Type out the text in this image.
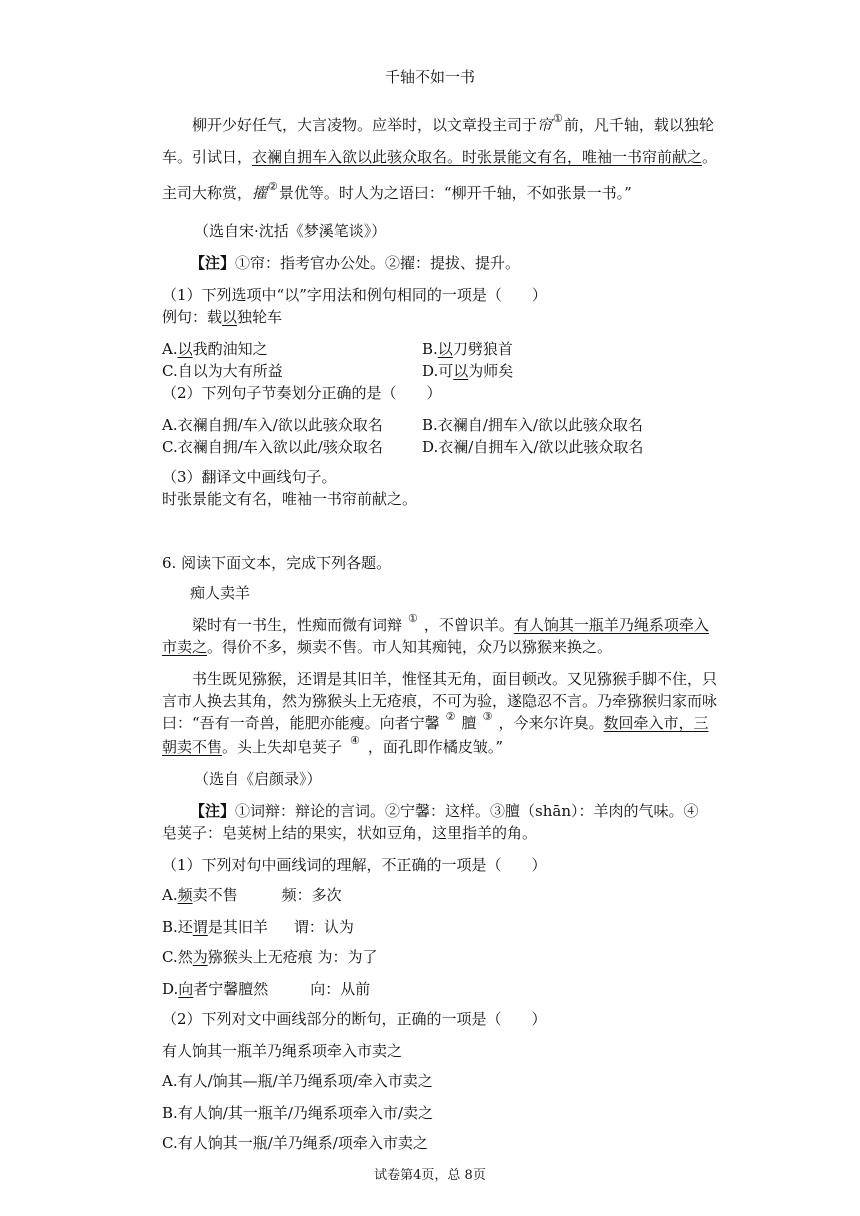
千轴不如一书
柳开少好任气，大言凌物。应举时，以文章投主司于帘①前，凡千轴，载以独轮
车。引试日，衣襕自拥车入欲以此骇众取名。时张景能文有名，唯袖一书帘前献之。
主司大称赏，擢②景优等。时人为之语曰：“柳开千轴，不如张景一书。”
（选自宋·沈括《梦溪笔谈》）
【注】①帘：指考官办公处。②擢：提拔、提升。
（1）下列选项中“以”字用法和例句相同的一项是（　　）
例句：载以独轮车
A.以我酌油知之	B.以刀劈狼首
C.自以为大有所益	D.可以为师矣
（2）下列句子节奏划分正确的是（　　）
A.衣襕自拥/车入/欲以此骇众取名	B.衣襕自/拥车入/欲以此骇众取名
C.衣襕自拥/车入欲以此/骇众取名	D.衣襕/自拥车入/欲以此骇众取名
（3）翻译文中画线句子。
时张景能文有名，唯袖一书帘前献之。
6. 阅读下面文本，完成下列各题。
痴人卖羊
梁时有一书生，性痴而微有词辩 ① ，不曾识羊。有人饷其一瓶羊乃绳系项牵入
市卖之。得价不多，频卖不售。市人知其痴钝，众乃以猕猴来换之。
书生既见猕猴，还谓是其旧羊，惟怪其无角，面目顿改。又见猕猴手脚不住，只
言市人换去其角，然为猕猴头上无疮痕，不可为验，遂隐忍不言。乃牵猕猴归家而咏
曰：“吾有一奇兽，能肥亦能瘦。向者宁馨 ② 膻 ③ ，今来尔许臭。数回牵入市，三
朝卖不售。头上失却皂荚子 ④ ，面孔即作橘皮皱。”
（选自《启颜录》）
【注】①词辩：辩论的言词。②宁馨：这样。③膻（shān）：羊肉的气味。④
皂荚子：皂荚树上结的果实，状如豆角，这里指羊的角。
（1）下列对句中画线词的理解，不正确的一项是（　　）
A.频卖不售	频：多次
B.还谓是其旧羊 谓：认为
C.然为猕猴头上无疮痕 为：为了
D.向者宁馨膻然	向：从前
（2）下列对文中画线部分的断句，正确的一项是（　　）
有人饷其一瓶羊乃绳系项牵入市卖之
A.有人/饷其—瓶/羊乃绳系项/牵入市卖之
B.有人饷/其一瓶羊/乃绳系项牵入市/卖之
C.有人饷其一瓶/羊乃绳系/项牵入市卖之
试卷第4页，总 8页
